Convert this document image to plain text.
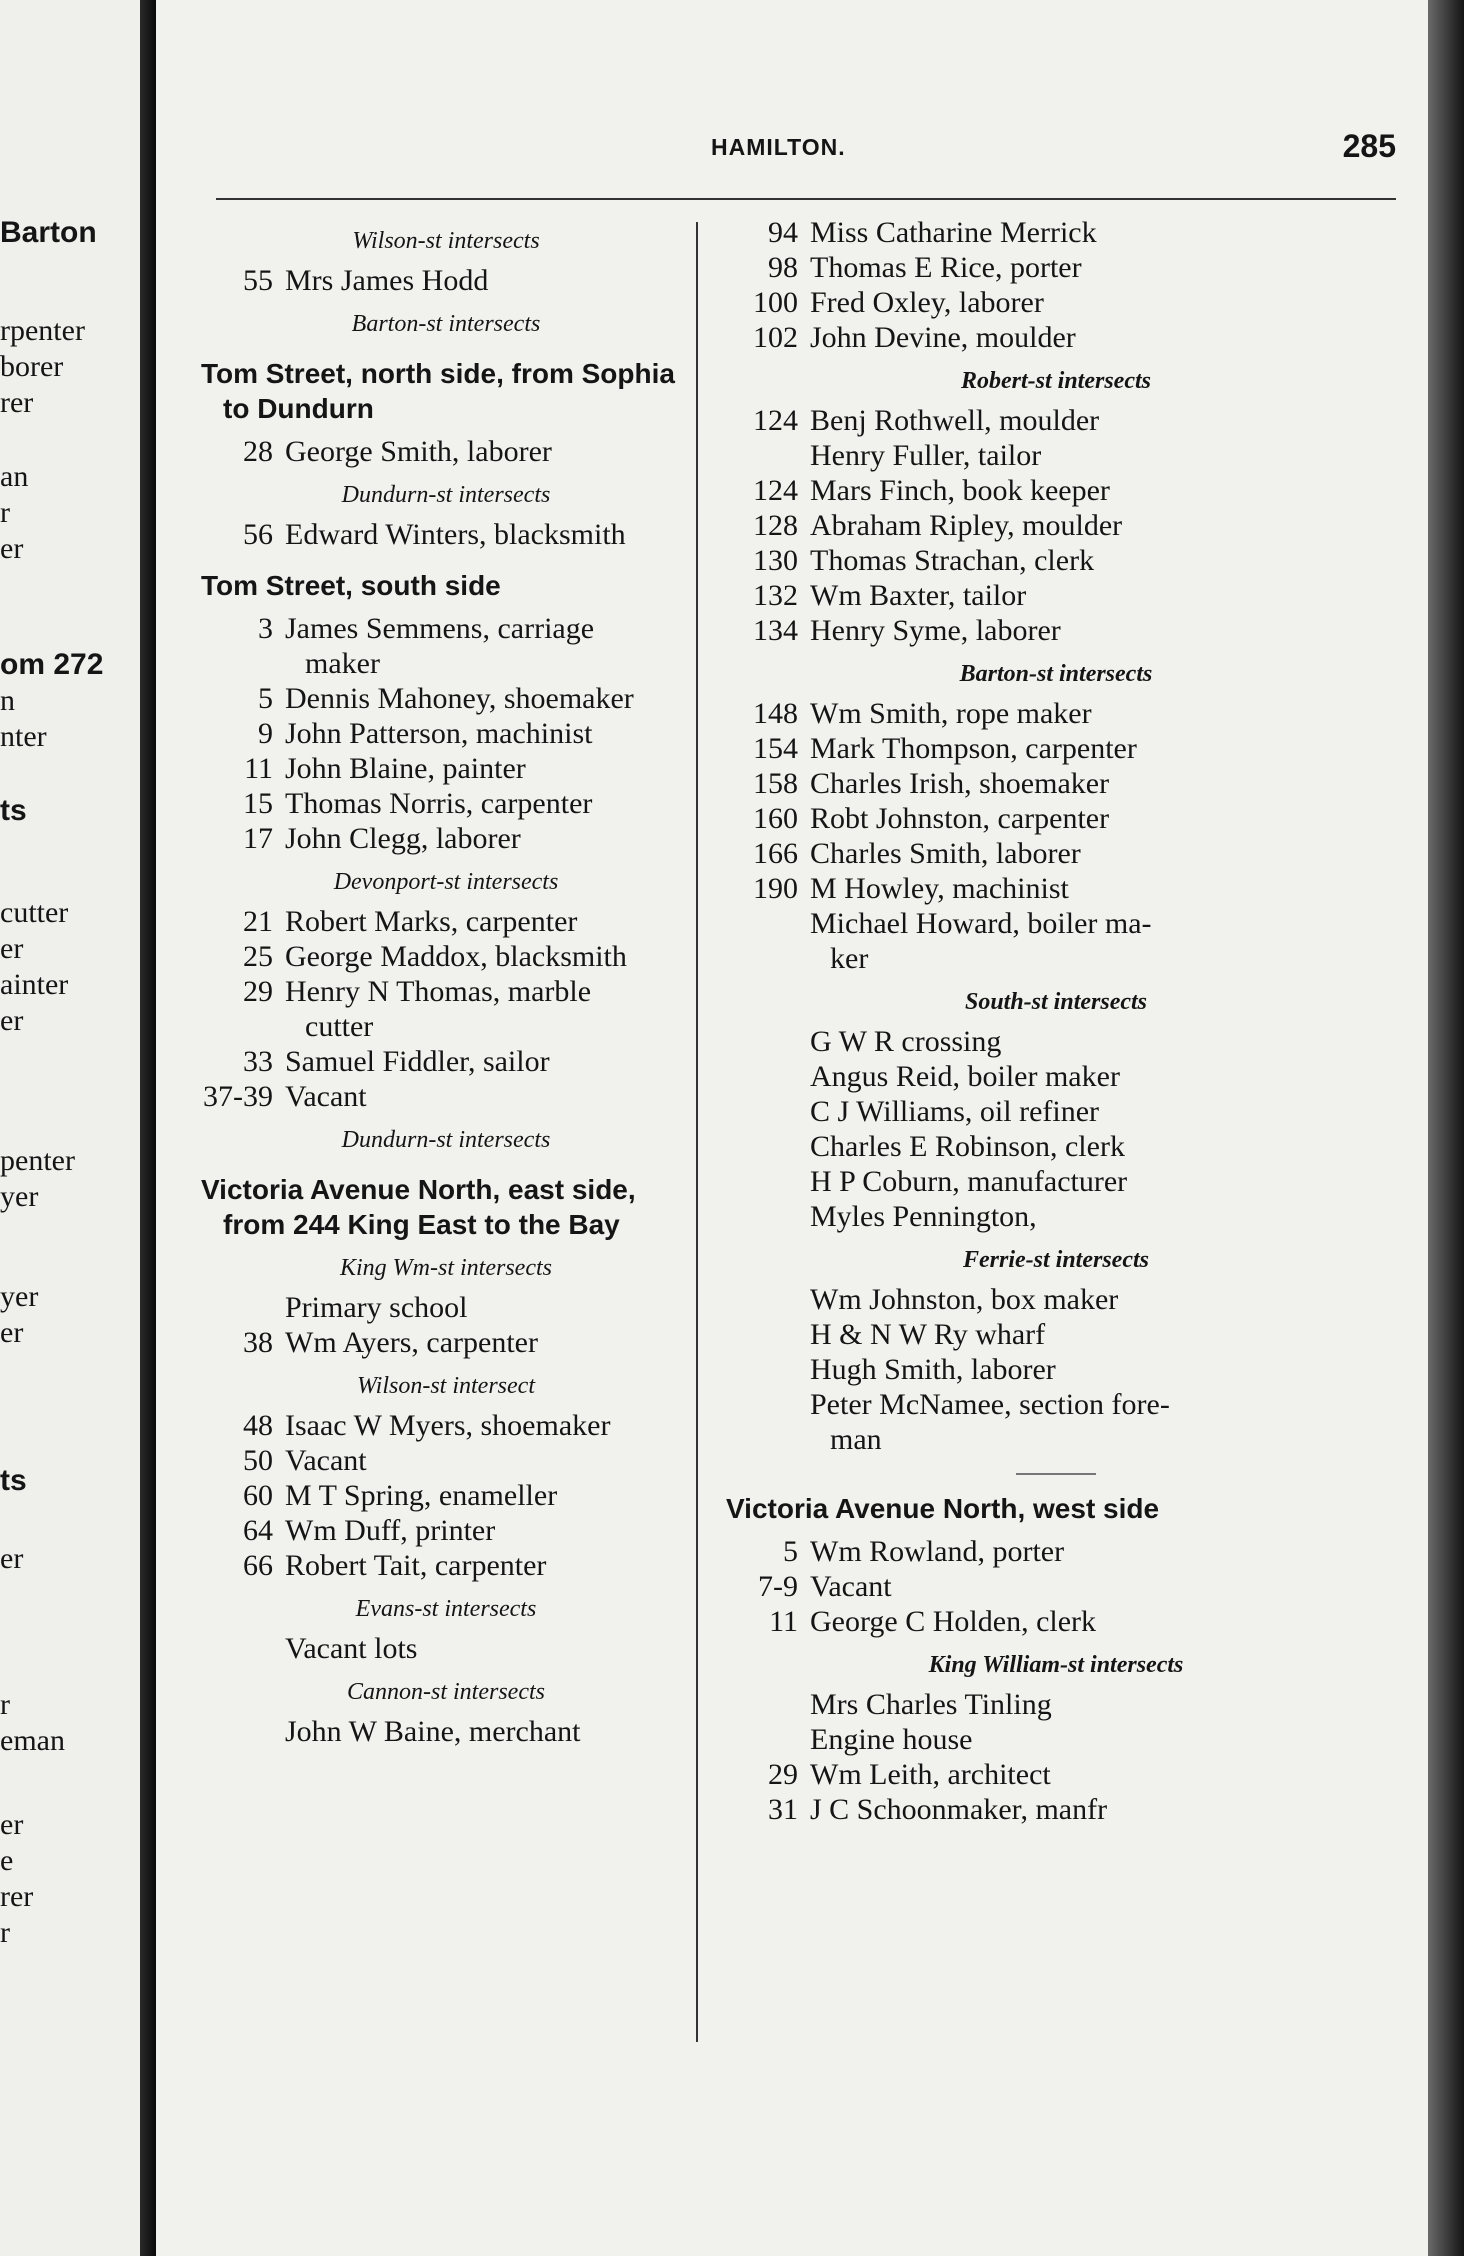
Barton
rpenter
borer
rer
an
r
er
om 272
n
nter
ts
cutter
er
ainter
er
penter
yer
yer
er
ts
er
r
eman
er
e
rer
r
HAMILTON.	285
Wilson-st intersects
55 Mrs James Hodd
Barton-st intersects
Tom Street, north side, from Sophia to Dundurn
28 George Smith, laborer
Dundurn-st intersects
56 Edward Winters, blacksmith
Tom Street, south side
3 James Semmens, carriage
maker
5 Dennis Mahoney, shoemaker
9 John Patterson, machinist
11 John Blaine, painter
15 Thomas Norris, carpenter
17 John Clegg, laborer
Devonport-st intersects
21 Robert Marks, carpenter
25 George Maddox, blacksmith
29 Henry N Thomas, marble
cutter
33 Samuel Fiddler, sailor
37-39 Vacant
Dundurn-st intersects
Victoria Avenue North, east side, from 244 King East to the Bay
King Wm-st intersects
Primary school
38 Wm Ayers, carpenter
Wilson-st intersect
48 Isaac W Myers, shoemaker
50 Vacant
60 M T Spring, enameller
64 Wm Duff, printer
66 Robert Tait, carpenter
Evans-st intersects
Vacant lots
Cannon-st intersects
John W Baine, merchant
94 Miss Catharine Merrick
98 Thomas E Rice, porter
100 Fred Oxley, laborer
102 John Devine, moulder
Robert-st intersects
124 Benj Rothwell, moulder
Henry Fuller, tailor
124 Mars Finch, book keeper
128 Abraham Ripley, moulder
130 Thomas Strachan, clerk
132 Wm Baxter, tailor
134 Henry Syme, laborer
Barton-st intersects
148 Wm Smith, rope maker
154 Mark Thompson, carpenter
158 Charles Irish, shoemaker
160 Robt Johnston, carpenter
166 Charles Smith, laborer
190 M Howley, machinist
Michael Howard, boiler ma-
ker
South-st intersects
G W R crossing
Angus Reid, boiler maker
C J Williams, oil refiner
Charles E Robinson, clerk
H P Coburn, manufacturer
Myles Pennington,
Ferrie-st intersects
Wm Johnston, box maker
H & N W Ry wharf
Hugh Smith, laborer
Peter McNamee, section fore-
man
Victoria Avenue North, west side
5 Wm Rowland, porter
7-9 Vacant
11 George C Holden, clerk
King William-st intersects
Mrs Charles Tinling
Engine house
29 Wm Leith, architect
31 J C Schoonmaker, manfr
